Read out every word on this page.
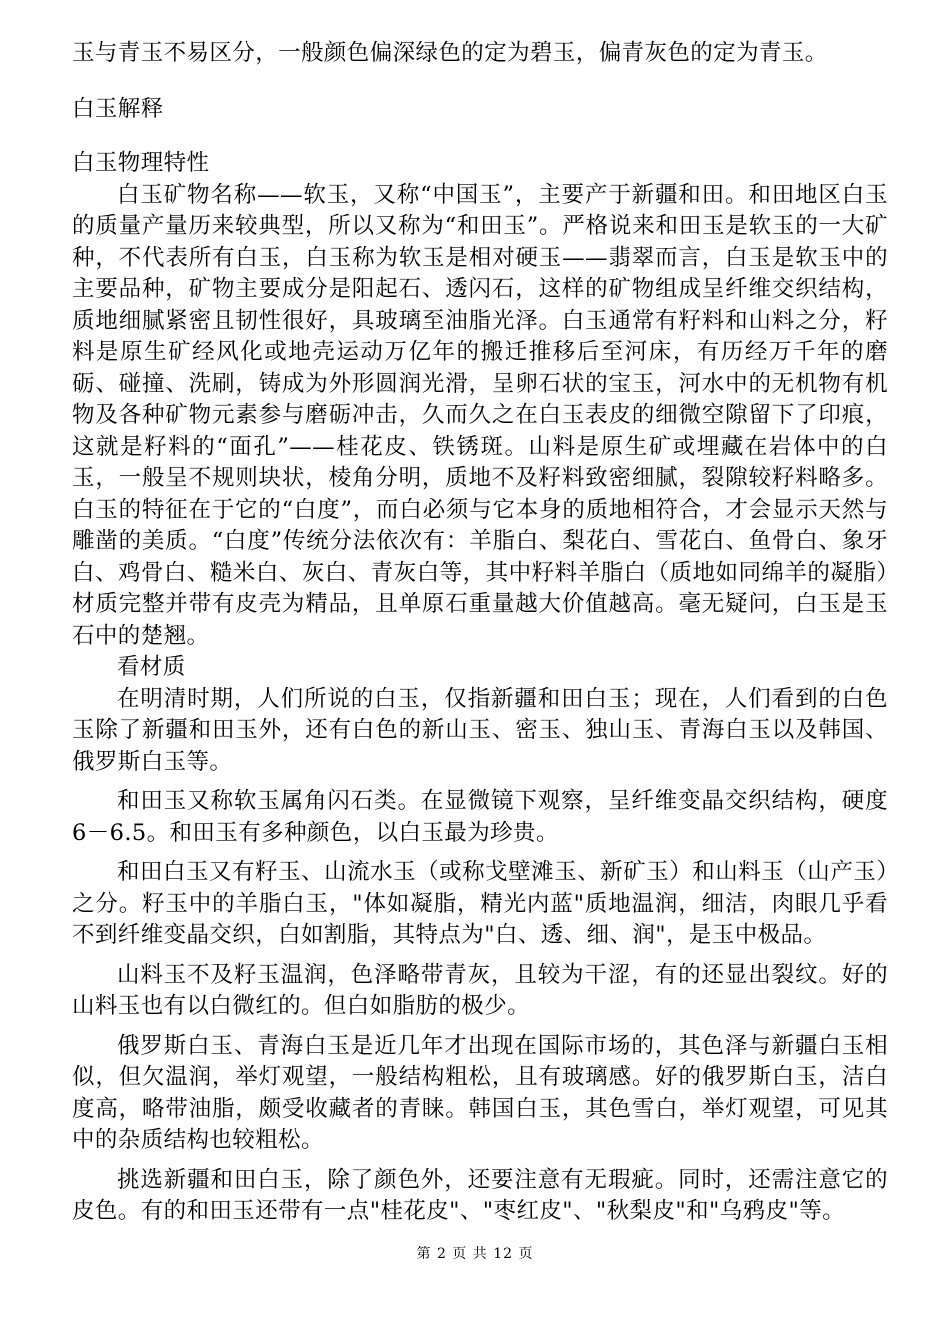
玉与青玉不易区分，一般颜色偏深绿色的定为碧玉，偏青灰色的定为青玉。

白玉解释

白玉物理特性

白玉矿物名称——软玉，又称“中国玉”，主要产于新疆和田。和田地区白玉的质量产量历来较典型，所以又称为“和田玉”。严格说来和田玉是软玉的一大矿种，不代表所有白玉，白玉称为软玉是相对硬玉——翡翠而言，白玉是软玉中的主要品种，矿物主要成分是阳起石、透闪石，这样的矿物组成呈纤维交织结构，质地细腻紧密且韧性很好，具玻璃至油脂光泽。白玉通常有籽料和山料之分，籽料是原生矿经风化或地壳运动万亿年的搬迁推移后至河床，有历经万千年的磨砺、碰撞、洗刷，铸成为外形圆润光滑，呈卵石状的宝玉，河水中的无机物有机物及各种矿物元素参与磨砺冲击，久而久之在白玉表皮的细微空隙留下了印痕，这就是籽料的“面孔”——桂花皮、铁锈斑。山料是原生矿或埋藏在岩体中的白玉，一般呈不规则块状，棱角分明，质地不及籽料致密细腻，裂隙较籽料略多。白玉的特征在于它的“白度”，而白必须与它本身的质地相符合，才会显示天然与雕凿的美质。“白度”传统分法依次有：羊脂白、梨花白、雪花白、鱼骨白、象牙白、鸡骨白、糙米白、灰白、青灰白等，其中籽料羊脂白（质地如同绵羊的凝脂）材质完整并带有皮壳为精品，且单原石重量越大价值越高。毫无疑问，白玉是玉石中的楚翘。

看材质

在明清时期，人们所说的白玉，仅指新疆和田白玉；现在，人们看到的白色玉除了新疆和田玉外，还有白色的新山玉、密玉、独山玉、青海白玉以及韩国、俄罗斯白玉等。

和田玉又称软玉属角闪石类。在显微镜下观察，呈纤维变晶交织结构，硬度 6－6.5。和田玉有多种颜色，以白玉最为珍贵。

和田白玉又有籽玉、山流水玉（或称戈壁滩玉、新矿玉）和山料玉（山产玉）之分。籽玉中的羊脂白玉，"体如凝脂，精光内蓝"质地温润，细洁，肉眼几乎看不到纤维变晶交织，白如割脂，其特点为"白、透、细、润"，是玉中极品。

山料玉不及籽玉温润，色泽略带青灰，且较为干涩，有的还显出裂纹。好的山料玉也有以白微红的。但白如脂肪的极少。

俄罗斯白玉、青海白玉是近几年才出现在国际市场的，其色泽与新疆白玉相似，但欠温润，举灯观望，一般结构粗松，且有玻璃感。好的俄罗斯白玉，洁白度高，略带油脂，颇受收藏者的青睐。韩国白玉，其色雪白，举灯观望，可见其中的杂质结构也较粗松。

挑选新疆和田白玉，除了颜色外，还要注意有无瑕疵。同时，还需注意它的皮色。有的和田玉还带有一点"桂花皮"、"枣红皮"、"秋梨皮"和"乌鸦皮"等。

第 2 页 共 12 页
